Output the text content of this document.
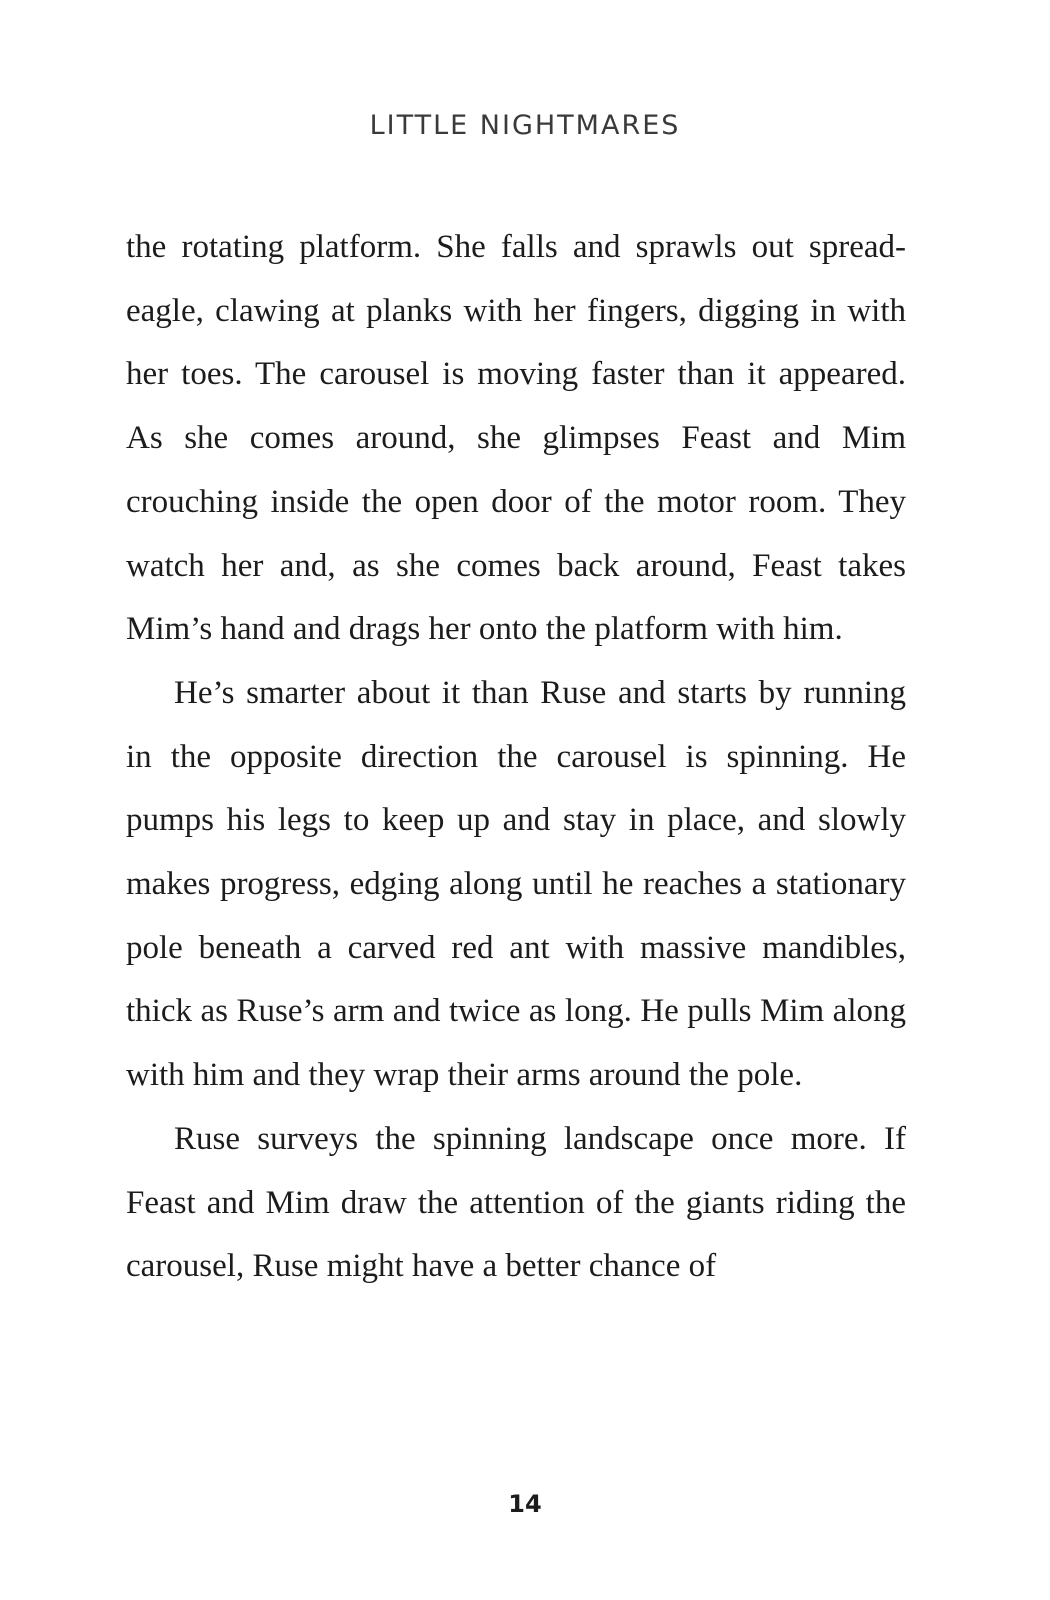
LITTLE NIGHTMARES

the rotating platform. She falls and sprawls out spread-eagle, clawing at planks with her fingers, digging in with her toes. The carousel is moving faster than it appeared. As she comes around, she glimpses Feast and Mim crouching inside the open door of the motor room. They watch her and, as she comes back around, Feast takes Mim’s hand and drags her onto the platform with him.

He’s smarter about it than Ruse and starts by running in the opposite direction the carousel is spinning. He pumps his legs to keep up and stay in place, and slowly makes progress, edging along until he reaches a stationary pole beneath a carved red ant with massive mandibles, thick as Ruse’s arm and twice as long. He pulls Mim along with him and they wrap their arms around the pole.

Ruse surveys the spinning landscape once more. If Feast and Mim draw the attention of the giants riding the carousel, Ruse might have a better chance of

14
